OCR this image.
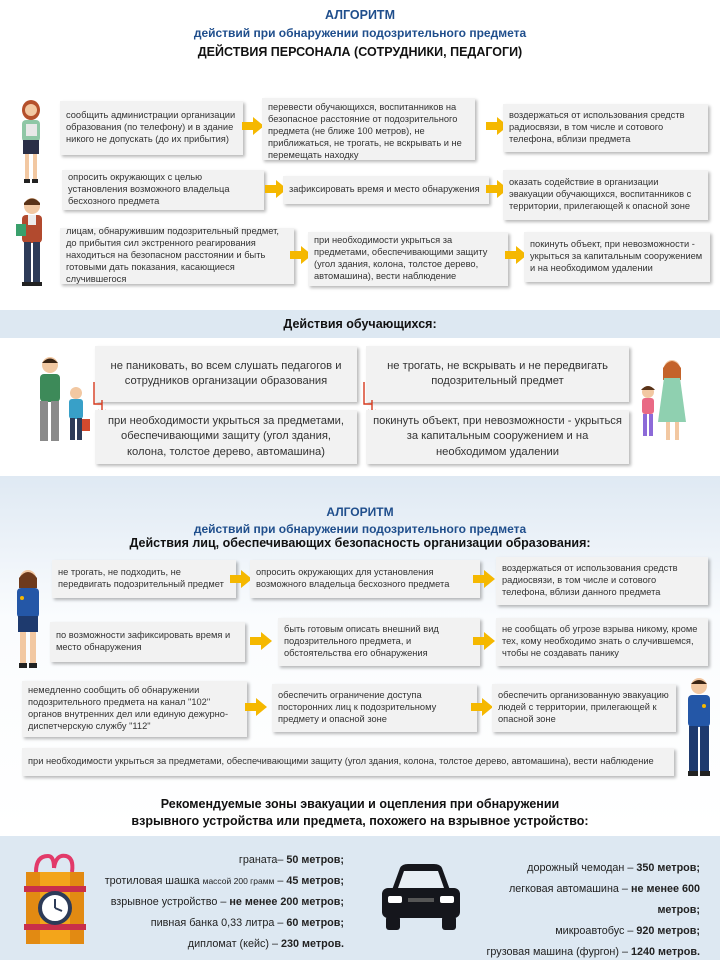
АЛГОРИТМ
действий при обнаружении подозрительного предмета
ДЕЙСТВИЯ ПЕРСОНАЛА (СОТРУДНИКИ, ПЕДАГОГИ)
сообщить администрации организации образования (по телефону) и в здание никого не допускать (до их прибытия)
перевести обучающихся, воспитанников на безопасное расстояние от подозрительного предмета (не ближе 100 метров), не приближаться, не трогать, не вскрывать и не перемещать находку
воздержаться от использования средств радиосвязи, в том числе и сотового телефона, вблизи предмета
опросить окружающих с целью установления возможного владельца бесхозного предмета
зафиксировать время и место обнаружения
оказать содействие в организации эвакуации обучающихся, воспитанников с территории, прилегающей к опасной зоне
лицам, обнаружившим подозрительный предмет, до прибытия сил экстренного реагирования находиться на безопасном расстоянии и быть готовыми дать показания, касающиеся случившегося
при необходимости укрыться за предметами, обеспечивающими защиту (угол здания, колона, толстое дерево, автомашина), вести наблюдение
покинуть объект, при невозможности - укрыться за капитальным сооружением и на необходимом удалении
Действия обучающихся:
не паниковать, во всем слушать педагогов и сотрудников организации образования
не трогать, не вскрывать и не передвигать подозрительный предмет
при необходимости укрыться за предметами, обеспечивающими защиту (угол здания, колона, толстое дерево, автомашина)
покинуть объект, при невозможности - укрыться за капитальным сооружением и на необходимом удалении
АЛГОРИТМ
действий при обнаружении подозрительного предмета
Действия лиц, обеспечивающих безопасность организации образования:
не трогать, не подходить, не передвигать подозрительный предмет
опросить окружающих для установления возможного владельца бесхозного предмета
воздержаться от использования средств радиосвязи, в том числе и сотового телефона, вблизи данного предмета
по возможности зафиксировать время и место обнаружения
быть готовым описать внешний вид подозрительного предмета, и обстоятельства его обнаружения
не сообщать об угрозе взрыва никому, кроме тех, кому необходимо знать о случившемся, чтобы не создавать панику
немедленно сообщить об обнаружении подозрительного предмета на канал "102" органов внутренних дел или единую дежурно-диспетчерскую службу "112"
обеспечить ограничение доступа посторонних лиц к подозрительному предмету и опасной зоне
обеспечить организованную эвакуацию людей с территории, прилегающей к опасной зоне
при необходимости укрыться за предметами, обеспечивающими защиту (угол здания, колона, толстое дерево, автомашина), вести наблюдение
Рекомендуемые зоны эвакуации и оцепления при обнаружении
взрывного устройства или предмета, похожего на взрывное устройство:
граната– 50 метров;
тротиловая шашка массой 200 грамм – 45 метров;
взрывное устройство – не менее 200 метров;
пивная банка 0,33 литра – 60 метров;
дипломат (кейс) – 230 метров.
дорожный чемодан – 350 метров;
легковая автомашина – не менее 600 метров;
микроавтобус – 920 метров;
грузовая машина (фургон) – 1240 метров.
